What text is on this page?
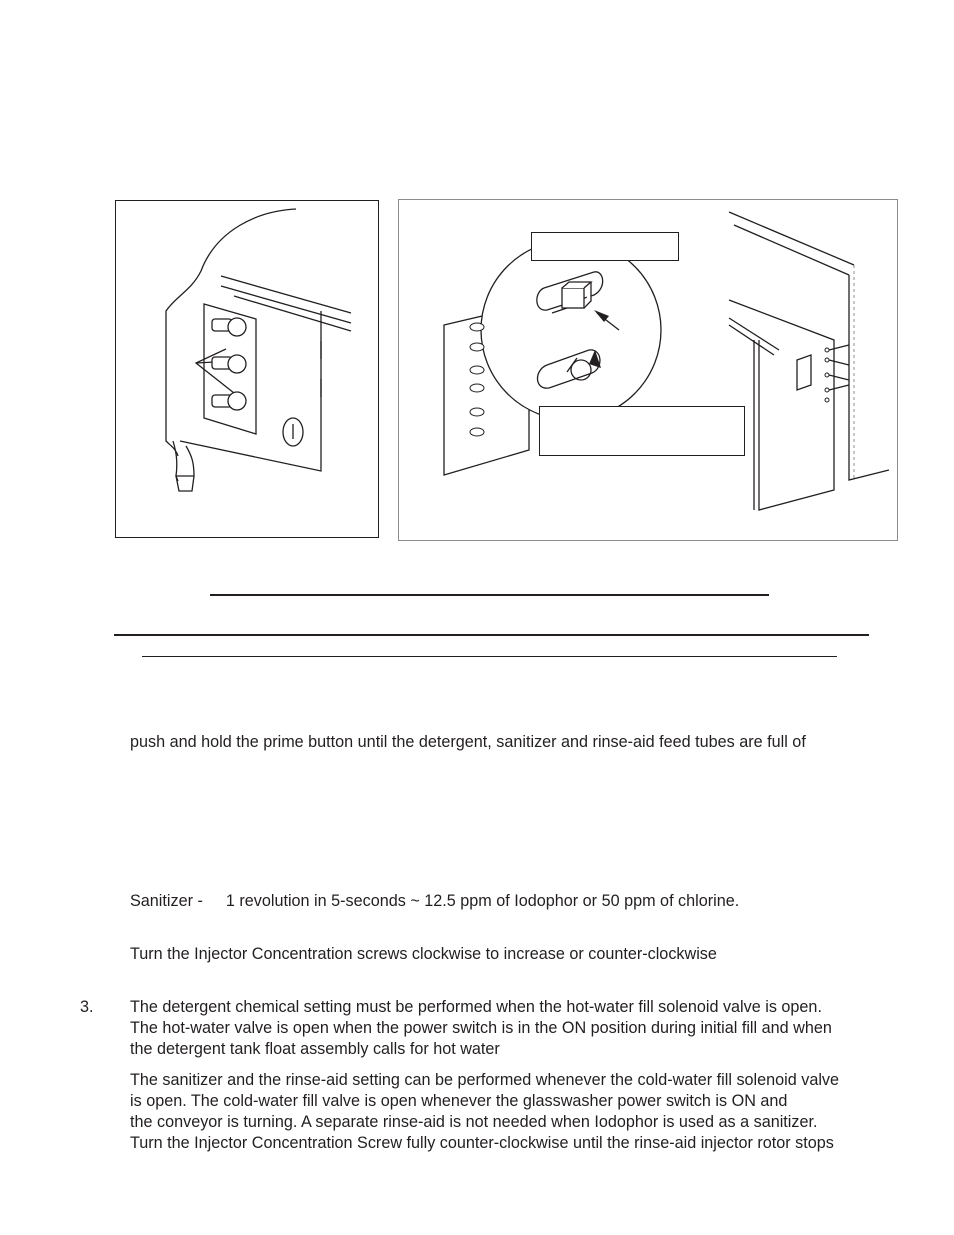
push and hold the prime button until the detergent, sanitizer and rinse-aid feed tubes are full of
Sanitizer - 1 revolution in 5-seconds ~ 12.5 ppm of Iodophor or 50 ppm of chlorine.
Turn the Injector Concentration screws clockwise to increase or counter-clockwise
3. The detergent chemical setting must be performed when the hot-water fill solenoid valve is open.
The hot-water valve is open when the power switch is in the ON position during initial fill and when
the detergent tank float assembly calls for hot water
The sanitizer and the rinse-aid setting can be performed whenever the cold-water fill solenoid valve
is open. The cold-water fill valve is open whenever the glasswasher power switch is ON and
the conveyor is turning. A separate rinse-aid is not needed when Iodophor is used as a sanitizer.
Turn the Injector Concentration Screw fully counter-clockwise until the rinse-aid injector rotor stops
